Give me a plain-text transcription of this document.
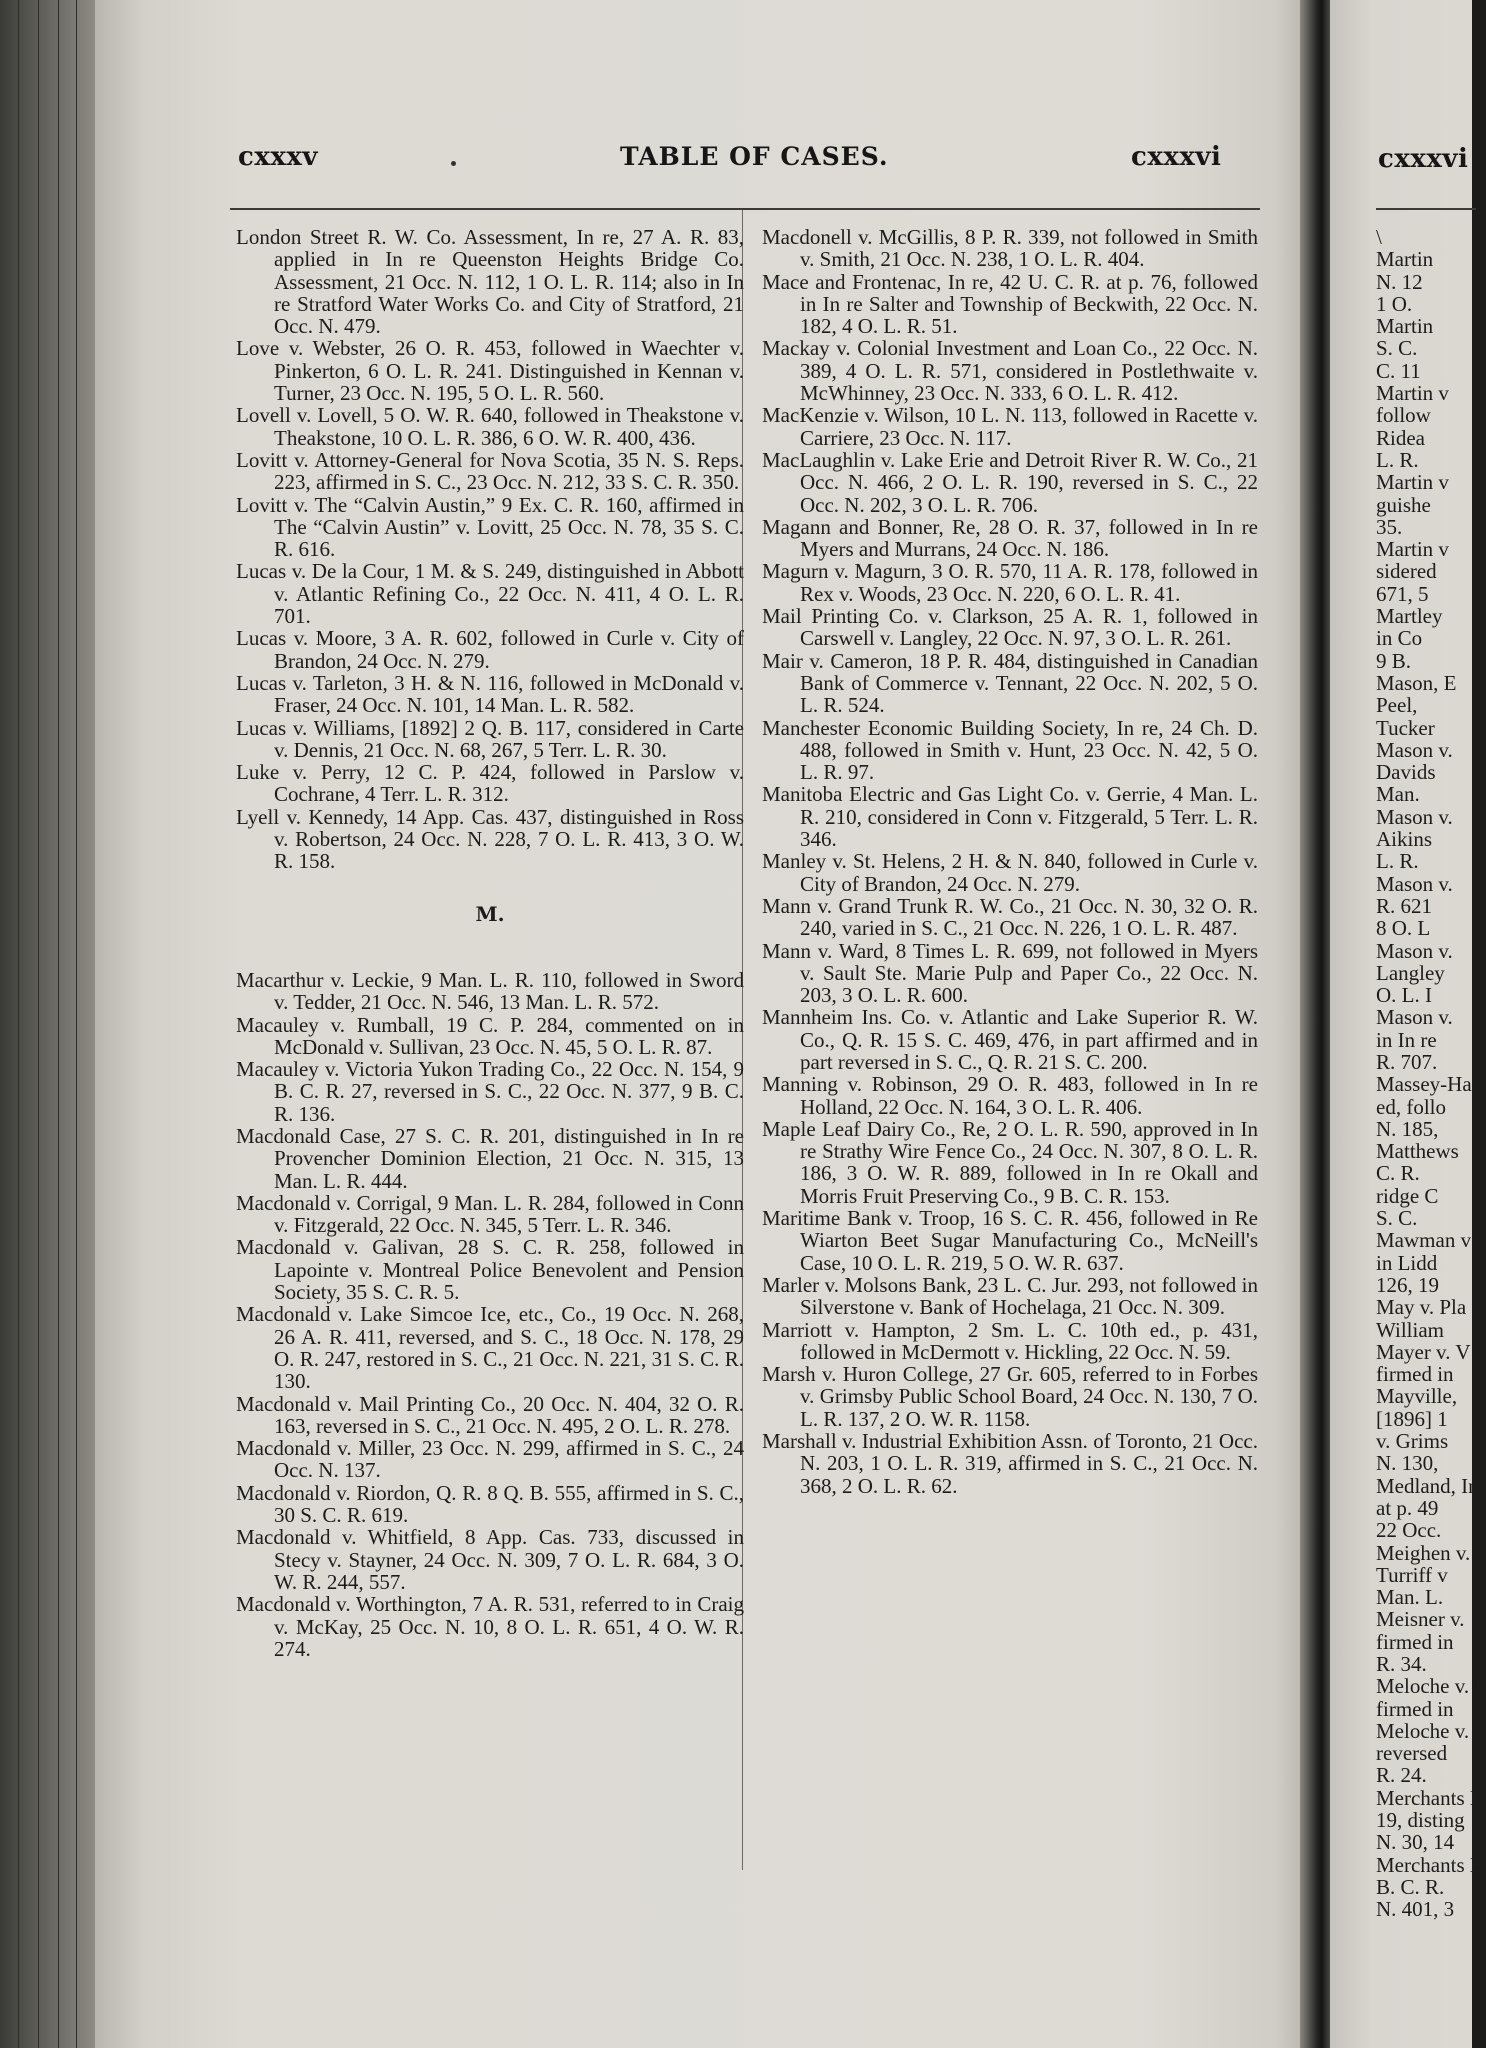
cxxxv	TABLE OF CASES.	cxxxvi
London Street R. W. Co. Assessment, In re, 27 A. R. 83, applied in In re Queenston Heights Bridge Co. Assessment, 21 Occ. N. 112, 1 O. L. R. 114; also in In re Stratford Water Works Co. and City of Stratford, 21 Occ. N. 479.
Love v. Webster, 26 O. R. 453, followed in Waechter v. Pinkerton, 6 O. L. R. 241. Distinguished in Kennan v. Turner, 23 Occ. N. 195, 5 O. L. R. 560.
Lovell v. Lovell, 5 O. W. R. 640, followed in Theakstone v. Theakstone, 10 O. L. R. 386, 6 O. W. R. 400, 436.
Lovitt v. Attorney-General for Nova Scotia, 35 N. S. Reps. 223, affirmed in S. C., 23 Occ. N. 212, 33 S. C. R. 350.
Lovitt v. The “Calvin Austin,” 9 Ex. C. R. 160, affirmed in The “Calvin Austin” v. Lovitt, 25 Occ. N. 78, 35 S. C. R. 616.
Lucas v. De la Cour, 1 M. & S. 249, distinguished in Abbott v. Atlantic Refining Co., 22 Occ. N. 411, 4 O. L. R. 701.
Lucas v. Moore, 3 A. R. 602, followed in Curle v. City of Brandon, 24 Occ. N. 279.
Lucas v. Tarleton, 3 H. & N. 116, followed in McDonald v. Fraser, 24 Occ. N. 101, 14 Man. L. R. 582.
Lucas v. Williams, [1892] 2 Q. B. 117, considered in Carte v. Dennis, 21 Occ. N. 68, 267, 5 Terr. L. R. 30.
Luke v. Perry, 12 C. P. 424, followed in Parslow v. Cochrane, 4 Terr. L. R. 312.
Lyell v. Kennedy, 14 App. Cas. 437, distinguished in Ross v. Robertson, 24 Occ. N. 228, 7 O. L. R. 413, 3 O. W. R. 158.
M.
Macarthur v. Leckie, 9 Man. L. R. 110, followed in Sword v. Tedder, 21 Occ. N. 546, 13 Man. L. R. 572.
Macauley v. Rumball, 19 C. P. 284, commented on in McDonald v. Sullivan, 23 Occ. N. 45, 5 O. L. R. 87.
Macauley v. Victoria Yukon Trading Co., 22 Occ. N. 154, 9 B. C. R. 27, reversed in S. C., 22 Occ. N. 377, 9 B. C. R. 136.
Macdonald Case, 27 S. C. R. 201, distinguished in In re Provencher Dominion Election, 21 Occ. N. 315, 13 Man. L. R. 444.
Macdonald v. Corrigal, 9 Man. L. R. 284, followed in Conn v. Fitzgerald, 22 Occ. N. 345, 5 Terr. L. R. 346.
Macdonald v. Galivan, 28 S. C. R. 258, followed in Lapointe v. Montreal Police Benevolent and Pension Society, 35 S. C. R. 5.
Macdonald v. Lake Simcoe Ice, etc., Co., 19 Occ. N. 268, 26 A. R. 411, reversed, and S. C., 18 Occ. N. 178, 29 O. R. 247, restored in S. C., 21 Occ. N. 221, 31 S. C. R. 130.
Macdonald v. Mail Printing Co., 20 Occ. N. 404, 32 O. R. 163, reversed in S. C., 21 Occ. N. 495, 2 O. L. R. 278.
Macdonald v. Miller, 23 Occ. N. 299, affirmed in S. C., 24 Occ. N. 137.
Macdonald v. Riordon, Q. R. 8 Q. B. 555, affirmed in S. C., 30 S. C. R. 619.
Macdonald v. Whitfield, 8 App. Cas. 733, discussed in Stecy v. Stayner, 24 Occ. N. 309, 7 O. L. R. 684, 3 O. W. R. 244, 557.
Macdonald v. Worthington, 7 A. R. 531, referred to in Craig v. McKay, 25 Occ. N. 10, 8 O. L. R. 651, 4 O. W. R. 274.
Macdonell v. McGillis, 8 P. R. 339, not followed in Smith v. Smith, 21 Occ. N. 238, 1 O. L. R. 404.
Mace and Frontenac, In re, 42 U. C. R. at p. 76, followed in In re Salter and Township of Beckwith, 22 Occ. N. 182, 4 O. L. R. 51.
Mackay v. Colonial Investment and Loan Co., 22 Occ. N. 389, 4 O. L. R. 571, considered in Postlethwaite v. McWhinney, 23 Occ. N. 333, 6 O. L. R. 412.
MacKenzie v. Wilson, 10 L. N. 113, followed in Racette v. Carriere, 23 Occ. N. 117.
MacLaughlin v. Lake Erie and Detroit River R. W. Co., 21 Occ. N. 466, 2 O. L. R. 190, reversed in S. C., 22 Occ. N. 202, 3 O. L. R. 706.
Magann and Bonner, Re, 28 O. R. 37, followed in In re Myers and Murrans, 24 Occ. N. 186.
Magurn v. Magurn, 3 O. R. 570, 11 A. R. 178, followed in Rex v. Woods, 23 Occ. N. 220, 6 O. L. R. 41.
Mail Printing Co. v. Clarkson, 25 A. R. 1, followed in Carswell v. Langley, 22 Occ. N. 97, 3 O. L. R. 261.
Mair v. Cameron, 18 P. R. 484, distinguished in Canadian Bank of Commerce v. Tennant, 22 Occ. N. 202, 5 O. L. R. 524.
Manchester Economic Building Society, In re, 24 Ch. D. 488, followed in Smith v. Hunt, 23 Occ. N. 42, 5 O. L. R. 97.
Manitoba Electric and Gas Light Co. v. Gerrie, 4 Man. L. R. 210, considered in Conn v. Fitzgerald, 5 Terr. L. R. 346.
Manley v. St. Helens, 2 H. & N. 840, followed in Curle v. City of Brandon, 24 Occ. N. 279.
Mann v. Grand Trunk R. W. Co., 21 Occ. N. 30, 32 O. R. 240, varied in S. C., 21 Occ. N. 226, 1 O. L. R. 487.
Mann v. Ward, 8 Times L. R. 699, not followed in Myers v. Sault Ste. Marie Pulp and Paper Co., 22 Occ. N. 203, 3 O. L. R. 600.
Mannheim Ins. Co. v. Atlantic and Lake Superior R. W. Co., Q. R. 15 S. C. 469, 476, in part affirmed and in part reversed in S. C., Q. R. 21 S. C. 200.
Manning v. Robinson, 29 O. R. 483, followed in In re Holland, 22 Occ. N. 164, 3 O. L. R. 406.
Maple Leaf Dairy Co., Re, 2 O. L. R. 590, approved in In re Strathy Wire Fence Co., 24 Occ. N. 307, 8 O. L. R. 186, 3 O. W. R. 889, followed in In re Okall and Morris Fruit Preserving Co., 9 B. C. R. 153.
Maritime Bank v. Troop, 16 S. C. R. 456, followed in Re Wiarton Beet Sugar Manufacturing Co., McNeill's Case, 10 O. L. R. 219, 5 O. W. R. 637.
Marler v. Molsons Bank, 23 L. C. Jur. 293, not followed in Silverstone v. Bank of Hochelaga, 21 Occ. N. 309.
Marriott v. Hampton, 2 Sm. L. C. 10th ed., p. 431, followed in McDermott v. Hickling, 22 Occ. N. 59.
Marsh v. Huron College, 27 Gr. 605, referred to in Forbes v. Grimsby Public School Board, 24 Occ. N. 130, 7 O. L. R. 137, 2 O. W. R. 1158.
Marshall v. Industrial Exhibition Assn. of Toronto, 21 Occ. N. 203, 1 O. L. R. 319, affirmed in S. C., 21 Occ. N. 368, 2 O. L. R. 62.
cxxxvi
\
Martin
N. 12
1 O.
Martin
S. C.
C. 11
Martin v
follow
Ridea
L. R.
Martin v
guishe
35.
Martin v
sidered
671, 5
Martley
in Co
9 B.
Mason, E
Peel,
Tucker
Mason v.
Davids
Man.
Mason v.
Aikins
L. R.
Mason v.
R. 621
8 O. L
Mason v.
Langley
O. L. I
Mason v.
in In re
R. 707.
Massey-Ha
ed, follo
N. 185,
Matthews
C. R.
ridge C
S. C.
Mawman v
in Lidd
126, 19
May v. Pla
William
Mayer v. V
firmed in
Mayville,
[1896] 1
v. Grims
N. 130,
Medland, In
at p. 49
22 Occ.
Meighen v.
Turriff v
Man. L.
Meisner v.
firmed in
R. 34.
Meloche v. I
firmed in
Meloche v.
reversed
R. 24.
Merchants B
19, disting
N. 30, 14
Merchants B
B. C. R.
N. 401, 3
